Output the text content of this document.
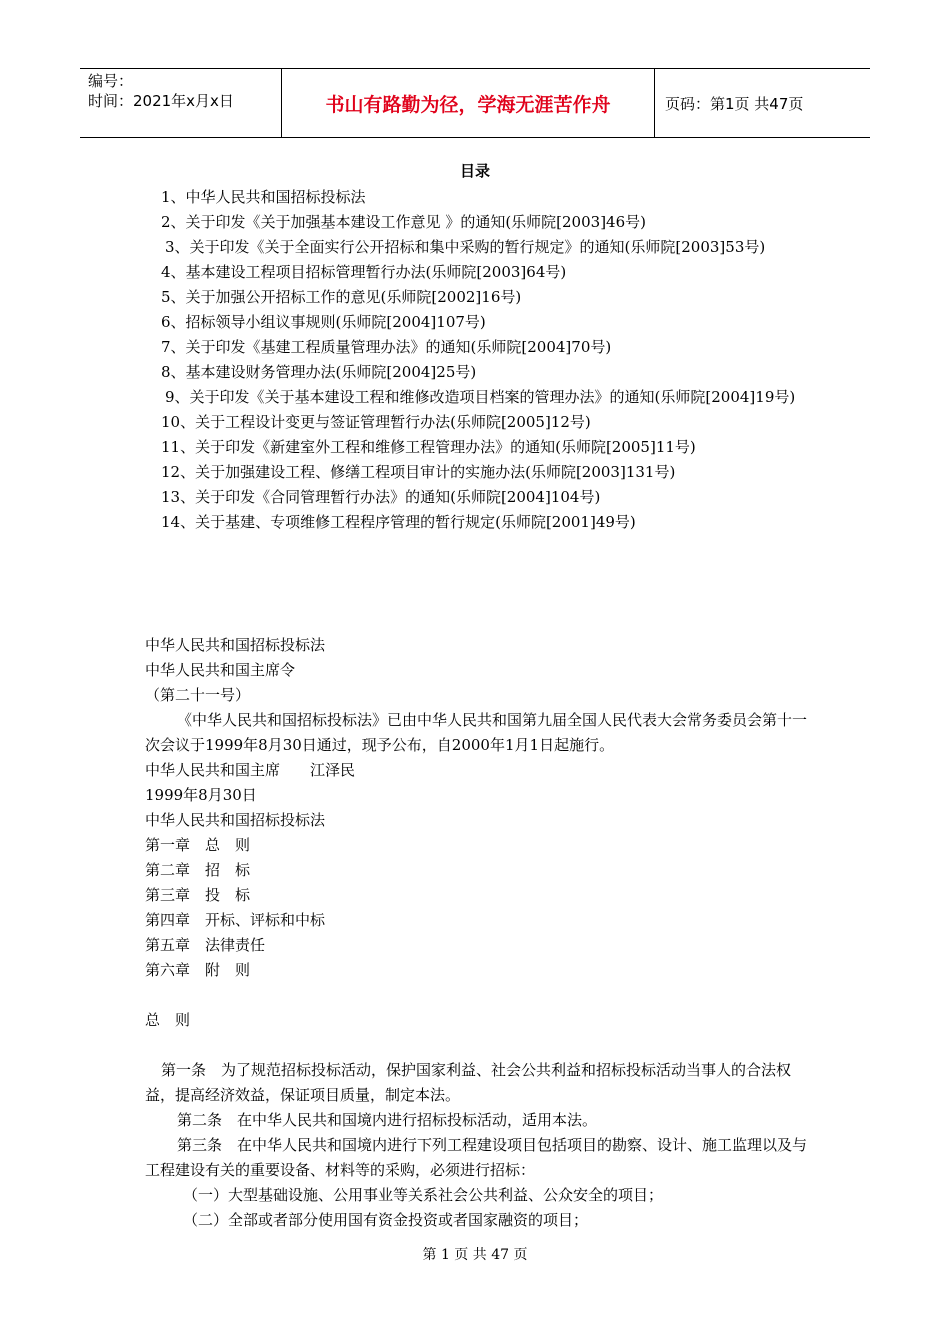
编号：
时间：2021年x月x日	书山有路勤为径，学海无涯苦作舟	页码：第1页 共47页
目录
1、中华人民共和国招标投标法
2、关于印发《关于加强基本建设工作意见 》的通知(乐师院[2003]46号)
3、关于印发《关于全面实行公开招标和集中采购的暂行规定》的通知(乐师院[2003]53号)
4、基本建设工程项目招标管理暂行办法(乐师院[2003]64号)
5、关于加强公开招标工作的意见(乐师院[2002]16号)
6、招标领导小组议事规则(乐师院[2004]107号)
7、关于印发《基建工程质量管理办法》的通知(乐师院[2004]70号)
8、基本建设财务管理办法(乐师院[2004]25号)
9、关于印发《关于基本建设工程和维修改造项目档案的管理办法》的通知(乐师院[2004]19号)
10、关于工程设计变更与签证管理暂行办法(乐师院[2005]12号)
11、关于印发《新建室外工程和维修工程管理办法》的通知(乐师院[2005]11号)
12、关于加强建设工程、修缮工程项目审计的实施办法(乐师院[2003]131号)
13、关于印发《合同管理暂行办法》的通知(乐师院[2004]104号)
14、关于基建、专项维修工程程序管理的暂行规定(乐师院[2001]49号)
中华人民共和国招标投标法
中华人民共和国主席令
（第二十一号）
《中华人民共和国招标投标法》已由中华人民共和国第九届全国人民代表大会常务委员会第十一次会议于1999年8月30日通过，现予公布，自2000年1月1日起施行。
中华人民共和国主席　　江泽民
1999年8月30日
中华人民共和国招标投标法
第一章　总　则
第二章　招　标
第三章　投　标
第四章　开标、评标和中标
第五章　法律责任
第六章　附　则
总　则
第一条　为了规范招标投标活动，保护国家利益、社会公共利益和招标投标活动当事人的合法权益，提高经济效益，保证项目质量，制定本法。
第二条　在中华人民共和国境内进行招标投标活动，适用本法。
第三条　在中华人民共和国境内进行下列工程建设项目包括项目的勘察、设计、施工监理以及与工程建设有关的重要设备、材料等的采购，必须进行招标：
（一）大型基础设施、公用事业等关系社会公共利益、公众安全的项目；
（二）全部或者部分使用国有资金投资或者国家融资的项目；
第 1 页 共 47 页
